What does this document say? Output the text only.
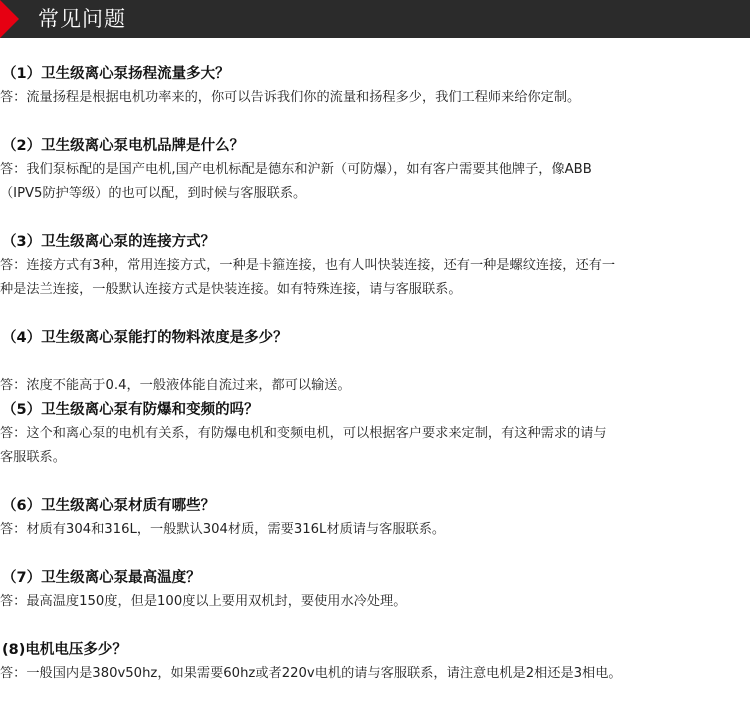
常见问题
（1）卫生级离心泵扬程流量多大？
答：流量扬程是根据电机功率来的，你可以告诉我们你的流量和扬程多少，我们工程师来给你定制。
（2）卫生级离心泵电机品牌是什么？
答：我们泵标配的是国产电机,国产电机标配是德东和沪新（可防爆），如有客户需要其他牌子，像ABB
（IPV5防护等级）的也可以配，到时候与客服联系。
（3）卫生级离心泵的连接方式？
答：连接方式有3种，常用连接方式，一种是卡箍连接，也有人叫快装连接，还有一种是螺纹连接，还有一
种是法兰连接，一般默认连接方式是快装连接。如有特殊连接，请与客服联系。
（4）卫生级离心泵能打的物料浓度是多少？
答：浓度不能高于0.4，一般液体能自流过来，都可以输送。
（5）卫生级离心泵有防爆和变频的吗？
答：这个和离心泵的电机有关系，有防爆电机和变频电机，可以根据客户要求来定制，有这种需求的请与
客服联系。
（6）卫生级离心泵材质有哪些？
答：材质有304和316L，一般默认304材质，需要316L材质请与客服联系。
（7）卫生级离心泵最高温度？
答：最高温度150度，但是100度以上要用双机封，要使用水冷处理。
(8)电机电压多少？
答：一般国内是380v50hz，如果需要60hz或者220v电机的请与客服联系，请注意电机是2相还是3相电。
